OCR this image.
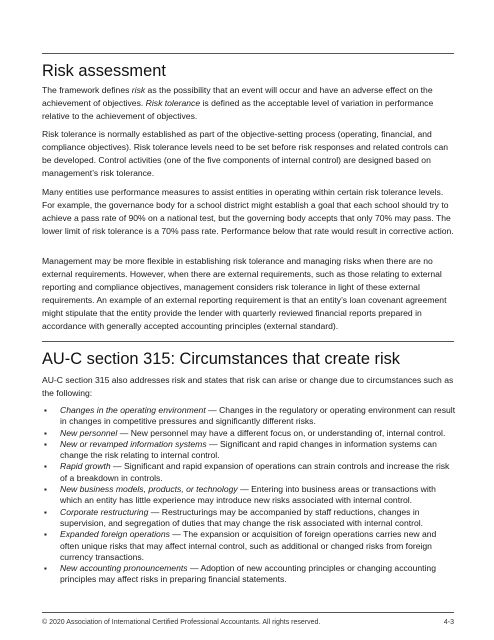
Risk assessment

The framework defines risk as the possibility that an event will occur and have an adverse effect on the achievement of objectives. Risk tolerance is defined as the acceptable level of variation in performance relative to the achievement of objectives.

Risk tolerance is normally established as part of the objective-setting process (operating, financial, and compliance objectives). Risk tolerance levels need to be set before risk responses and related controls can be developed. Control activities (one of the five components of internal control) are designed based on management’s risk tolerance.

Many entities use performance measures to assist entities in operating within certain risk tolerance levels. For example, the governance body for a school district might establish a goal that each school should try to achieve a pass rate of 90% on a national test, but the governing body accepts that only 70% may pass. The lower limit of risk tolerance is a 70% pass rate. Performance below that rate would result in corrective action.

Management may be more flexible in establishing risk tolerance and managing risks when there are no external requirements. However, when there are external requirements, such as those relating to external reporting and compliance objectives, management considers risk tolerance in light of these external requirements. An example of an external reporting requirement is that an entity’s loan covenant agreement might stipulate that the entity provide the lender with quarterly reviewed financial reports prepared in accordance with generally accepted accounting principles (external standard).

AU-C section 315: Circumstances that create risk

AU-C section 315 also addresses risk and states that risk can arise or change due to circumstances such as the following:

▪ Changes in the operating environment — Changes in the regulatory or operating environment can result in changes in competitive pressures and significantly different risks.
▪ New personnel — New personnel may have a different focus on, or understanding of, internal control.
▪ New or revamped information systems — Significant and rapid changes in information systems can change the risk relating to internal control.
▪ Rapid growth — Significant and rapid expansion of operations can strain controls and increase the risk of a breakdown in controls.
▪ New business models, products, or technology — Entering into business areas or transactions with which an entity has little experience may introduce new risks associated with internal control.
▪ Corporate restructuring — Restructurings may be accompanied by staff reductions, changes in supervision, and segregation of duties that may change the risk associated with internal control.
▪ Expanded foreign operations — The expansion or acquisition of foreign operations carries new and often unique risks that may affect internal control, such as additional or changed risks from foreign currency transactions.
▪ New accounting pronouncements — Adoption of new accounting principles or changing accounting principles may affect risks in preparing financial statements.
© 2020 Association of International Certified Professional Accountants. All rights reserved.	4-3
